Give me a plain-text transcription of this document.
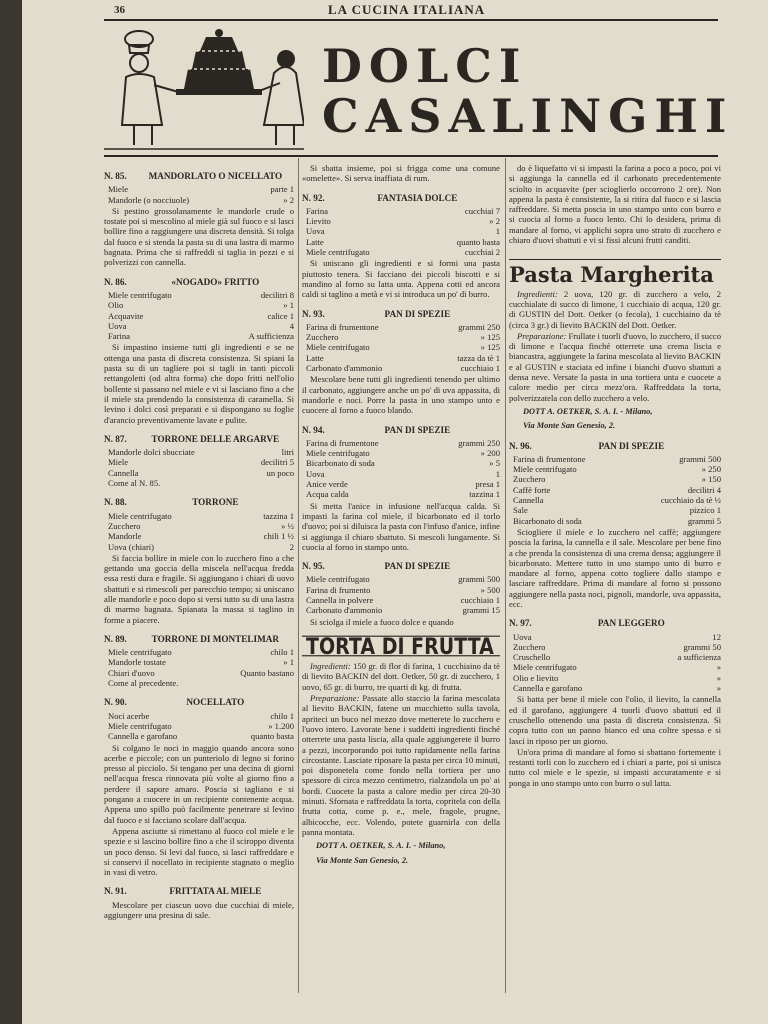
36	LA CUCINA ITALIANA
DOLCI
CASALINGHI
N. 85.	MANDORLATO O NICELLATO
Miele	parte 1
Mandorle (o nocciuole)	» 2

Si pestino grossolanamente le mandorle crude o tostate poi si mescolino al miele già sul fuoco e si lasci bollire fino a raggiungere una discreta densità. Si tolga dal fuoco e si stenda la pasta su di una lastra di marmo bagnata. Prima che si raffreddi si taglia in pezzi e si polverizzi con cannella.

N. 86.	«NOGADO» FRITTO
Miele centrifugato	decilitri 8
Olio	» 1
Acquavite	calice 1
Uova	4
Farina	A sufficienza

Si impastino insieme tutti gli ingredienti e se ne ottenga una pasta di discreta consistenza. Si spiani la pasta su di un tagliere poi si tagli in tanti piccoli rettangoletti (od altra forma) che dopo fritti nell'olio bollente si passano nel miele e vi si lasciano fino a che il miele sta prendendo la consistenza di caramella. Si levino i dolci così preparati e si dispongano su foglie d'arancio preventivamente lavate e pulite.

N. 87.	TORRONE DELLE ARGARVE
Mandorle dolci sbucciate	litri
Miele	decilitri 5
Cannella	un poco
Come al N. 85.
N. 88.	TORRONE
Miele centrifugato	tazzina 1
Zucchero	» ½
Mandorle	chili 1 ½
Uova (chiari)	2

Si faccia bollire in miele con lo zucchero fino a che gettando una goccia della miscela nell'acqua fredda essa resti dura e fragile. Si aggiungano i chiari di uovo sbattuti e si rimescoli per parecchio tempo; si uniscano alle mandorle e poco dopo si versi tutto su di una lastra di marmo bagnata. Spianata la massa si taglino in forme a piacere.

N. 89.	TORRONE DI MONTELIMAR
Miele centrifugato	chilo 1
Mandorle tostate	» 1
Chiari d'uovo	Quanto bastano
Come al precedente.
N. 90.	NOCELLATO
Noci acerbe	chilo 1
Miele centrifugato	» 1.200
Cannella e garofano	quanto basta

Si colgano le noci in maggio quando ancora sono acerbe e piccole; con un punteriolo di legno si forino presso al picciolo. Si tengano per una decina di giorni nell'acqua fresca rinnovata più volte al giorno fino a perdere il sapore amaro. Poscia si tagliano e si pongano a cuocere in un recipiente contenente acqua. Appena uno spillo può facilmente penetrare si levino dal fuoco e si facciano scolare dall'acqua.

Appena asciutte si rimettano al fuoco col miele e le spezie e si lascino bollire fino a che il sciroppo diventa un poco denso. Si levi dal fuoco, si lasci raffreddare e si conservi il nocellato in recipiente stagnato o meglio in vasi di vetro.

N. 91.	FRITTATA AL MIELE

Mescolare per ciascun uovo due cucchiai di miele, aggiungere una presina di sale.

Si sbatta insieme, poi si frigga come una comune «omelette». Si serva inaffiata di rum.

N. 92.	FANTASIA DOLCE
Farina	cucchiai 7
Lievito	» 2
Uova	1
Latte	quanto basta
Miele centrifugato	cucchiai 2

Si uniscano gli ingredienti e si formi una pasta piuttosto tenera. Si facciano dei piccoli biscotti e si mandino al forno su latta unta. Appena cotti ed ancora caldi si taglino a metà e vi si introduca un po' di burro.

N. 93.	PAN DI SPEZIE
Farina di frumentone	grammi 250
Zucchero	» 125
Miele centrifugato	» 125
Latte	tazza da tè 1
Carbonato d'ammonio	cucchiaio 1

Mescolare bene tutti gli ingredienti tenendo per ultimo il carbonato, aggiungere anche un po' di uva appassita, di mandorle e noci. Porre la pasta in uno stampo unto e cuocere al forno a fuoco blando.

N. 94.	PAN DI SPEZIE
Farina di frumentone	grammi 250
Miele centrifugato	» 200
Bicarbonato di soda	» 5
Uova	1
Anice verde	presa 1
Acqua calda	tazzina 1

Si metta l'anice in infusione nell'acqua calda. Si impasti la farina col miele, il bicarbonato ed il torlo d'uovo; poi si diluisca la pasta con l'infuso d'anice, infine si aggiunga il chiaro sbattuto. Si mescoli lungamente. Si cuocia al forno in stampo unto.

N. 95.	PAN DI SPEZIE
Miele centrifugato	grammi 500
Farina di frumento	» 500
Cannella in polvere	cucchiaio 1
Carbonato d'ammonio	grammi 15

Si sciolga il miele a fuoco dolce e quando

TORTA DI FRUTTA

Ingredienti: 150 gr. di flor di farina, 1 cucchiaino da tè di lievito BACKIN del dott. Oetker, 50 gr. di zucchero, 1 uovo, 65 gr. di burro, tre quarti di kg. di frutta.

Preparazione: Passate allo staccio la farina mescolata al lievito BACKIN, fatene un mucchietto sulla tavola, apriteci un buco nel mezzo dove metterete lo zucchero e l'uovo intero. Lavorate bene i suddetti ingredienti finché otterrete una pasta liscia, alla quale aggiungerete il burro a pezzi, incorporando poi tutto rapidamente nella farina circostante. Lasciate riposare la pasta per circa 10 minuti, poi disponetela come fondo nella tortiera per uno spessore di circa mezzo centimetro, rialzandola un po' ai bordi. Cuocete la pasta a calore medio per circa 20-30 minuti. Sfornata e raffreddata la torta, copritela con della frutta cotta, come p. e., mele, fragole, prugne, albicocche, ecc. Volendo, potete guarnirla con della panna montata.

DOTT A. OETKER, S. A. I. - Milano,
Via Monte San Genesio, 2.

do è liquefatto vi si impasti la farina a poco a poco, poi vi si aggiunga la cannella ed il carbonato precedentemente sciolto in acquavite (per scioglierlo occorrono 2 ore). Non appena la pasta è consistente, la si ritira dal fuoco e si lascia raffreddare. Si metta poscia in uno stampo unto con burro e si cuocia al forno a fuoco lento. Chi lo desidera, prima di mandare al forno, vi applichi sopra uno strato di zucchero e chiaro d'uovi sbattuti e vi si fissi alcuni frutti canditi.

Pasta Margherita

Ingredienti: 2 uova, 120 gr. di zucchero a velo, 2 cucchialate di succo di limone, 1 cucchiaio di acqua, 120 gr. di GUSTIN del Dott. Oetker (o fecola), 1 cucchiaino da tè (circa 3 gr.) di lievito BACKIN del Dott. Oetker.

Preparazione: Frullate i tuorli d'uovo, lo zucchero, il succo di limone e l'acqua finché otterrete una crema liscia e biancastra, aggiungete la farina mescolata al lievito BACKIN e al GUSTIN e staciata ed infine i bianchi d'uovo sbattuti a densa neve. Versate la pasta in una tortiera unta e cuocete a calore medio per circa mezz'ora. Raffreddata la torta, polverizzatela con dello zucchero a velo.

DOTT A. OETKER, S. A. I. - Milano,
Via Monte San Genesio, 2.
N. 96.	PAN DI SPEZIE
Farina di frumentone	grammi 500
Miele centrifugato	» 250
Zucchero	» 150
Caffè forte	decilitri 4
Cannella	cucchiaio da tè ½
Sale	pizzico 1
Bicarbonato di soda	grammi 5

Sciogliere il miele e lo zucchero nel caffè; aggiungere poscia la farina, la cannella e il sale. Mescolare per bene fino a che prenda la consistenza di una crema densa; aggiungere il bicarbonato. Mettere tutto in uno stampo unto di burro e mandare al forno, appena cotto togliere dallo stampo e lasciare raffreddare. Prima di mandare al forno si possono aggiungere nella pasta noci, pignoli, mandorle, uva appassita, ecc.

N. 97.	PAN LEGGERO
Uova	12
Zucchero	grammi 50
Cruschello	a sufficienza
Miele centrifugato	»
Olio e lievito	»
Cannella e garofano	»

Si batta per bene il miele con l'olio, il lievito, la cannella ed il garofano, aggiungere 4 tuorli d'uovo sbattuti ed il cruschello ottenendo una pasta di discreta consistenza. Si copra tutto con un panno bianco ed una coltre spessa e si lasci in riposo per un giorno.

Un'ora prima di mandare al forno si sbattano fortemente i restanti torli con lo zucchero ed i chiari a parte, poi si unisca tutto col miele e le spezie, si impasti accuratamente e si ponga in uno stampo unto con burro o sul latta.
